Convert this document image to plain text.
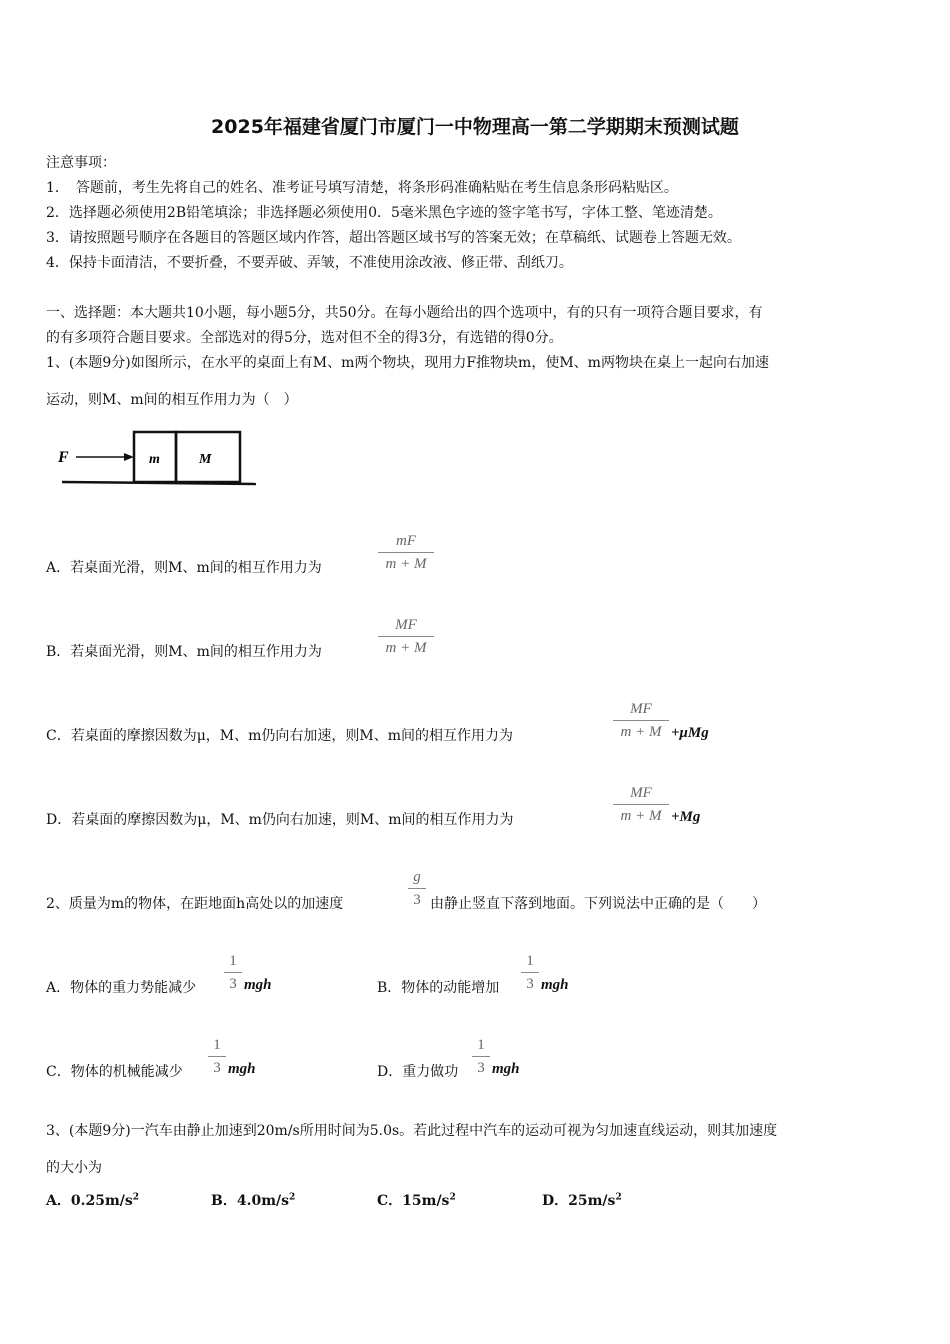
2025年福建省厦门市厦门一中物理高一第二学期期末预测试题
注意事项：
1．　答题前，考生先将自己的姓名、准考证号填写清楚，将条形码准确粘贴在考生信息条形码粘贴区。
2．选择题必须使用2B铅笔填涂；非选择题必须使用0．5毫米黑色字迹的签字笔书写，字体工整、笔迹清楚。
3．请按照题号顺序在各题目的答题区域内作答，超出答题区域书写的答案无效；在草稿纸、试题卷上答题无效。
4．保持卡面清洁，不要折叠，不要弄破、弄皱，不准使用涂改液、修正带、刮纸刀。
一、选择题：本大题共10小题，每小题5分，共50分。在每小题给出的四个选项中，有的只有一项符合题目要求，有
的有多项符合题目要求。全部选对的得5分，选对但不全的得3分，有选错的得0分。
1、(本题9分)如图所示，在水平的桌面上有M、m两个物块，现用力F推物块m，使M、m两物块在桌上一起向右加速
运动，则M、m间的相互作用力为（　）
F	m	M
A．若桌面光滑，则M、m间的相互作用力为
mF
m + M
B．若桌面光滑，则M、m间的相互作用力为
MF
m + M
C．若桌面的摩擦因数为μ，M、m仍向右加速，则M、m间的相互作用力为
MF
m + M +μMg
D．若桌面的摩擦因数为μ，M、m仍向右加速，则M、m间的相互作用力为
MF
m + M +Mg
2、质量为m的物体，在距地面h高处以的加速度
g
3 由静止竖直下落到地面。下列说法中正确的是（　　）
A．物体的重力势能减少
1
3 mgh	B．物体的动能增加
1
3 mgh
C．物体的机械能减少
1
3 mgh	D．重力做功
1
3 mgh
3、(本题9分)一汽车由静止加速到20m/s所用时间为5.0s。若此过程中汽车的运动可视为匀加速直线运动，则其加速度
的大小为
A．$0.25m/s^2$	B．$4.0m/s^2$	C．$15m/s^2$	D．$25m/s^2$
